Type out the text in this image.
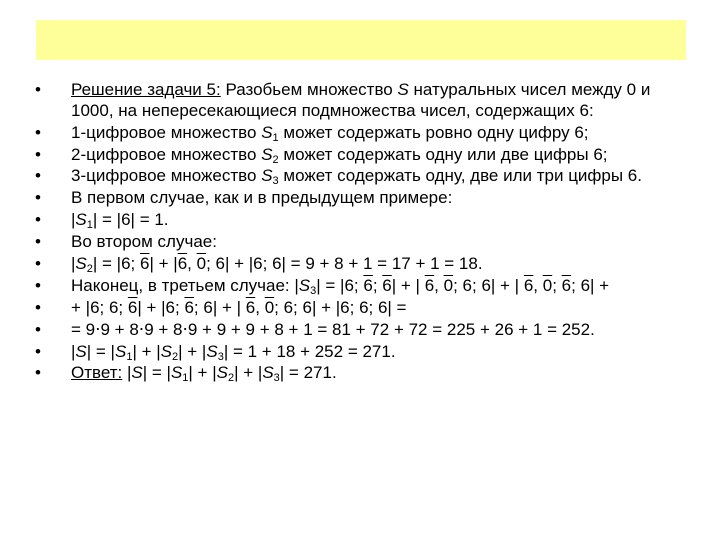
• Решение задачи 5: Разобьем множество S натуральных чисел между 0 и 1000, на непересекающиеся подмножества чисел, содержащих 6:
• 1-цифровое множество $S_1$ может содержать ровно одну цифру 6;
• 2-цифровое множество $S_2$ может содержать одну или две цифры 6;
• 3-цифровое множество $S_3$ может содержать одну, две или три цифры 6.
• В первом случае, как и в предыдущем примере:
• $|S_1| = |6| = 1$.
• Во втором случае:
• $|S_2| = |6$; 6| + |6, 0; 6| + |6; 6| = 9 + 8 + 1 = 17 + 1 = 18.
• Наконец, в третьем случае: $|S_3| = |6$; 6; 6| + | 6, 0; 6; 6| + | 6, 0; 6; 6| +
• + |6; 6; 6| + |6; 6; 6| + | 6, 0; 6; 6| + |6; 6; 6| =
• = 9⋅9 + 8⋅9 + 8⋅9 + 9 + 9 + 8 + 1 = 81 + 72 + 72 = 225 + 26 + 1 = 252.
• $|S| = |S_1| + |S_2| + |S_3| = 1 + 18 + 252 = 271$.
• Ответ: $|S| = |S_1| + |S_2| + |S_3| = 271$.
